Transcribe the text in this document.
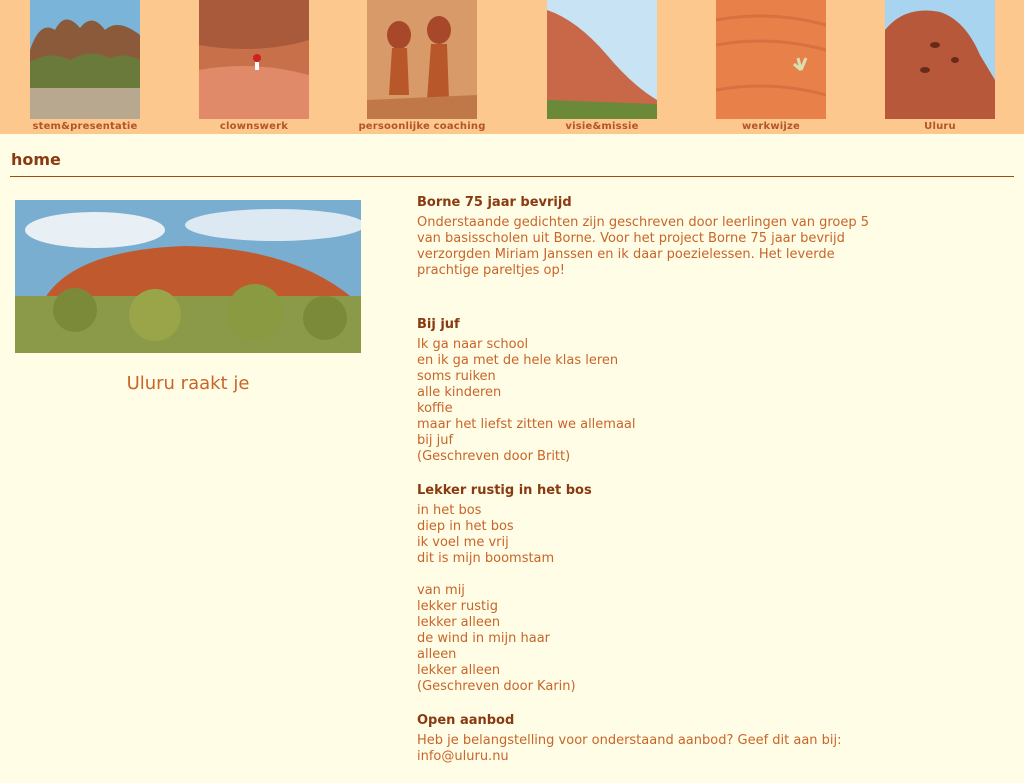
stem&presentatie	clownswerk	persoonlijke coaching	visie&missie	werkwijze	Uluru
home
Uluru raakt je
Borne 75 jaar bevrijd

Onderstaande gedichten zijn geschreven door leerlingen van groep 5 van basisscholen uit Borne. Voor het project Borne 75 jaar bevrijd verzorgden Miriam Janssen en ik daar poezielessen. Het leverde prachtige pareltjes op!

Bij juf

Ik ga naar school
en ik ga met de hele klas leren
soms ruiken
alle kinderen
koffie
maar het liefst zitten we allemaal
bij juf
(Geschreven door Britt)

Lekker rustig in het bos

in het bos
diep in het bos
ik voel me vrij
dit is mijn boomstam

van mij
lekker rustig
lekker alleen
de wind in mijn haar
alleen
lekker alleen
(Geschreven door Karin)

Open aanbod

Heb je belangstelling voor onderstaand aanbod? Geef dit aan bij:
info@uluru.nu
